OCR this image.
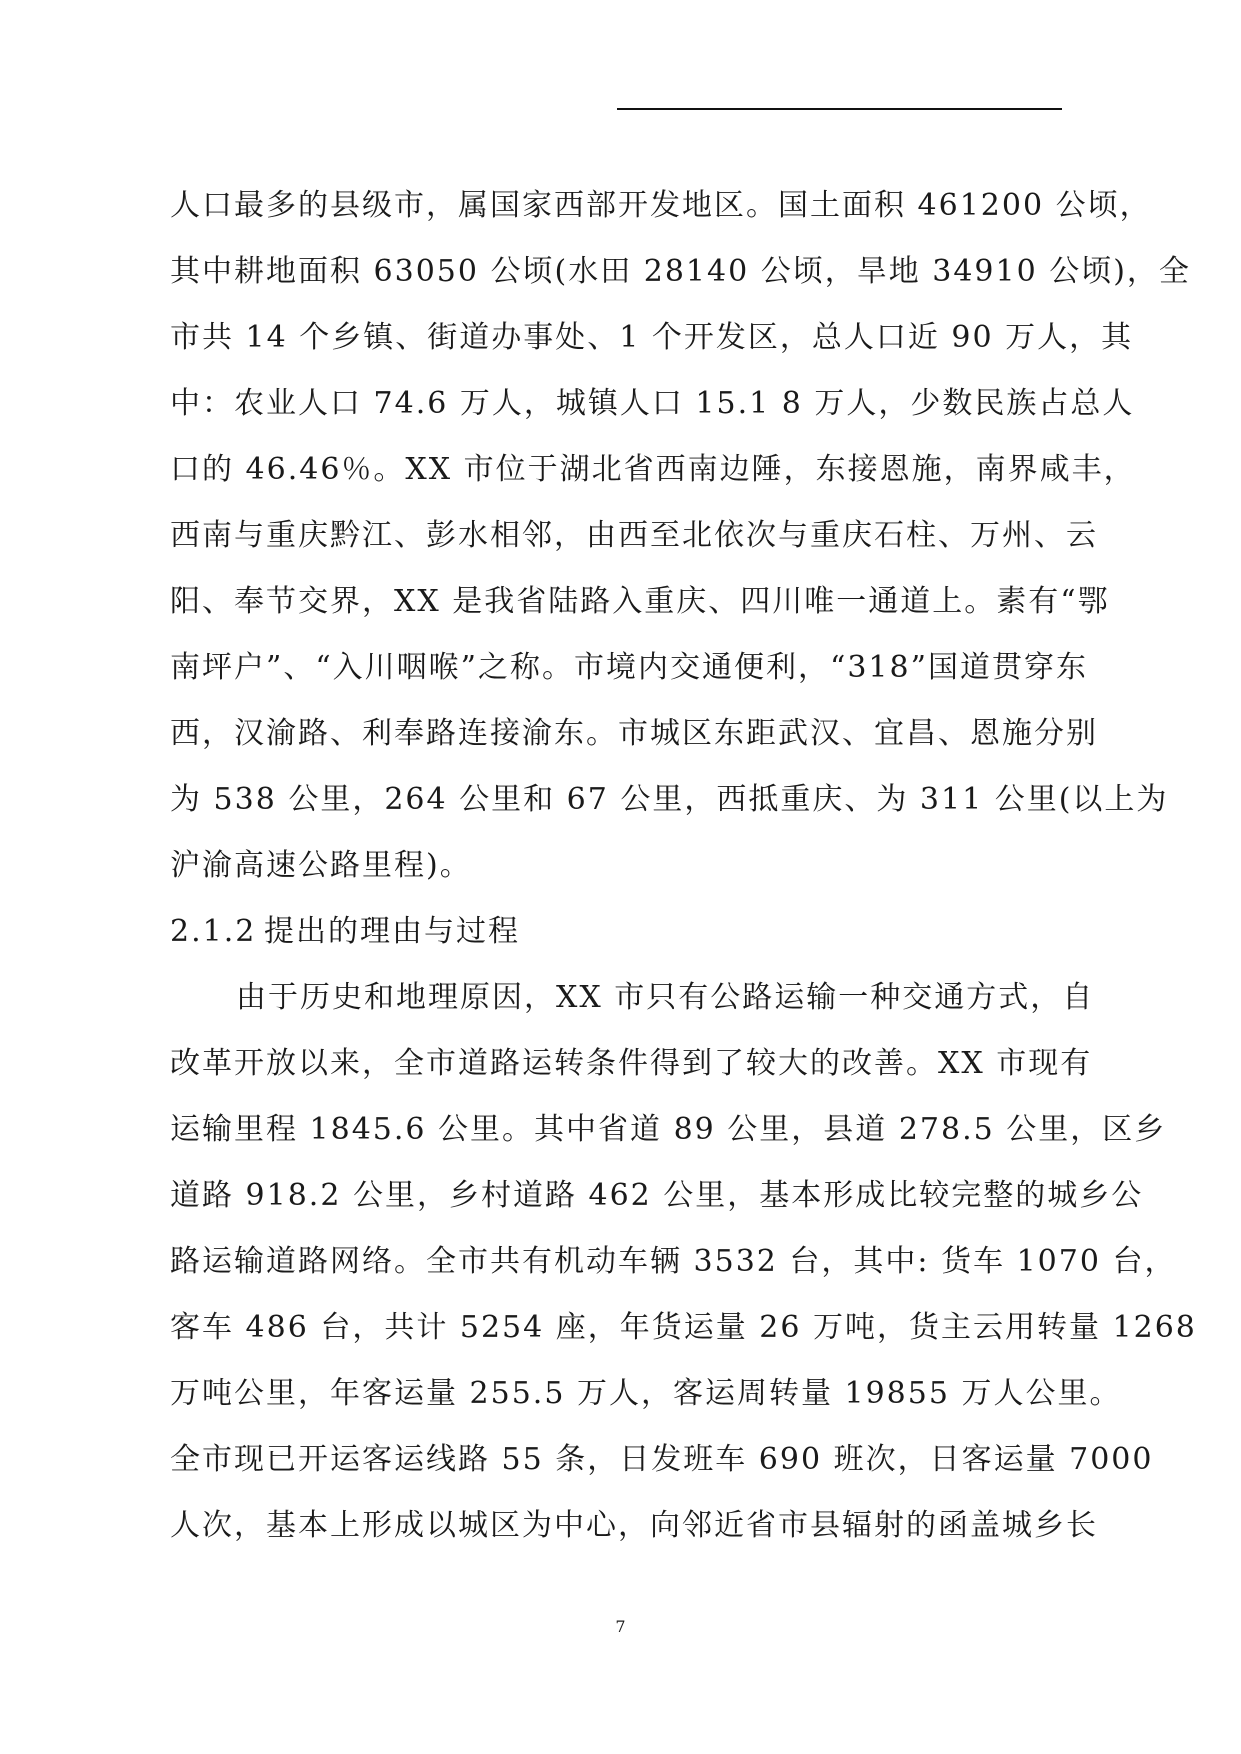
人口最多的县级市，属国家西部开发地区。国土面积 461200 公顷，
其中耕地面积 63050 公顷(水田 28140 公顷，旱地 34910 公顷)，全
市共 14 个乡镇、街道办事处、1 个开发区，总人口近 90 万人，其
中：农业人口 74.6 万人，城镇人口 15.1 8 万人，少数民族占总人
口的 46.46％。XX 市位于湖北省西南边陲，东接恩施，南界咸丰，
西南与重庆黔江、彭水相邻，由西至北依次与重庆石柱、万州、云
阳、奉节交界，XX 是我省陆路入重庆、四川唯一通道上。素有“鄂
南坪户”、“入川咽喉”之称。市境内交通便利，“318”国道贯穿东
西，汉渝路、利奉路连接渝东。市城区东距武汉、宜昌、恩施分别
为 538 公里，264 公里和 67 公里，西抵重庆、为 311 公里(以上为
沪渝高速公路里程)。
2.1.2 提出的理由与过程
由于历史和地理原因，XX 市只有公路运输一种交通方式，自
改革开放以来，全市道路运转条件得到了较大的改善。XX 市现有
运输里程 1845.6 公里。其中省道 89 公里，县道 278.5 公里，区乡
道路 918.2 公里，乡村道路 462 公里，基本形成比较完整的城乡公
路运输道路网络。全市共有机动车辆 3532 台，其中: 货车 1070 台，
客车 486 台，共计 5254 座，年货运量 26 万吨，货主云用转量 1268
万吨公里，年客运量 255.5 万人，客运周转量 19855 万人公里。
全市现已开运客运线路 55 条，日发班车 690 班次，日客运量 7000
人次，基本上形成以城区为中心，向邻近省市县辐射的函盖城乡长
7
